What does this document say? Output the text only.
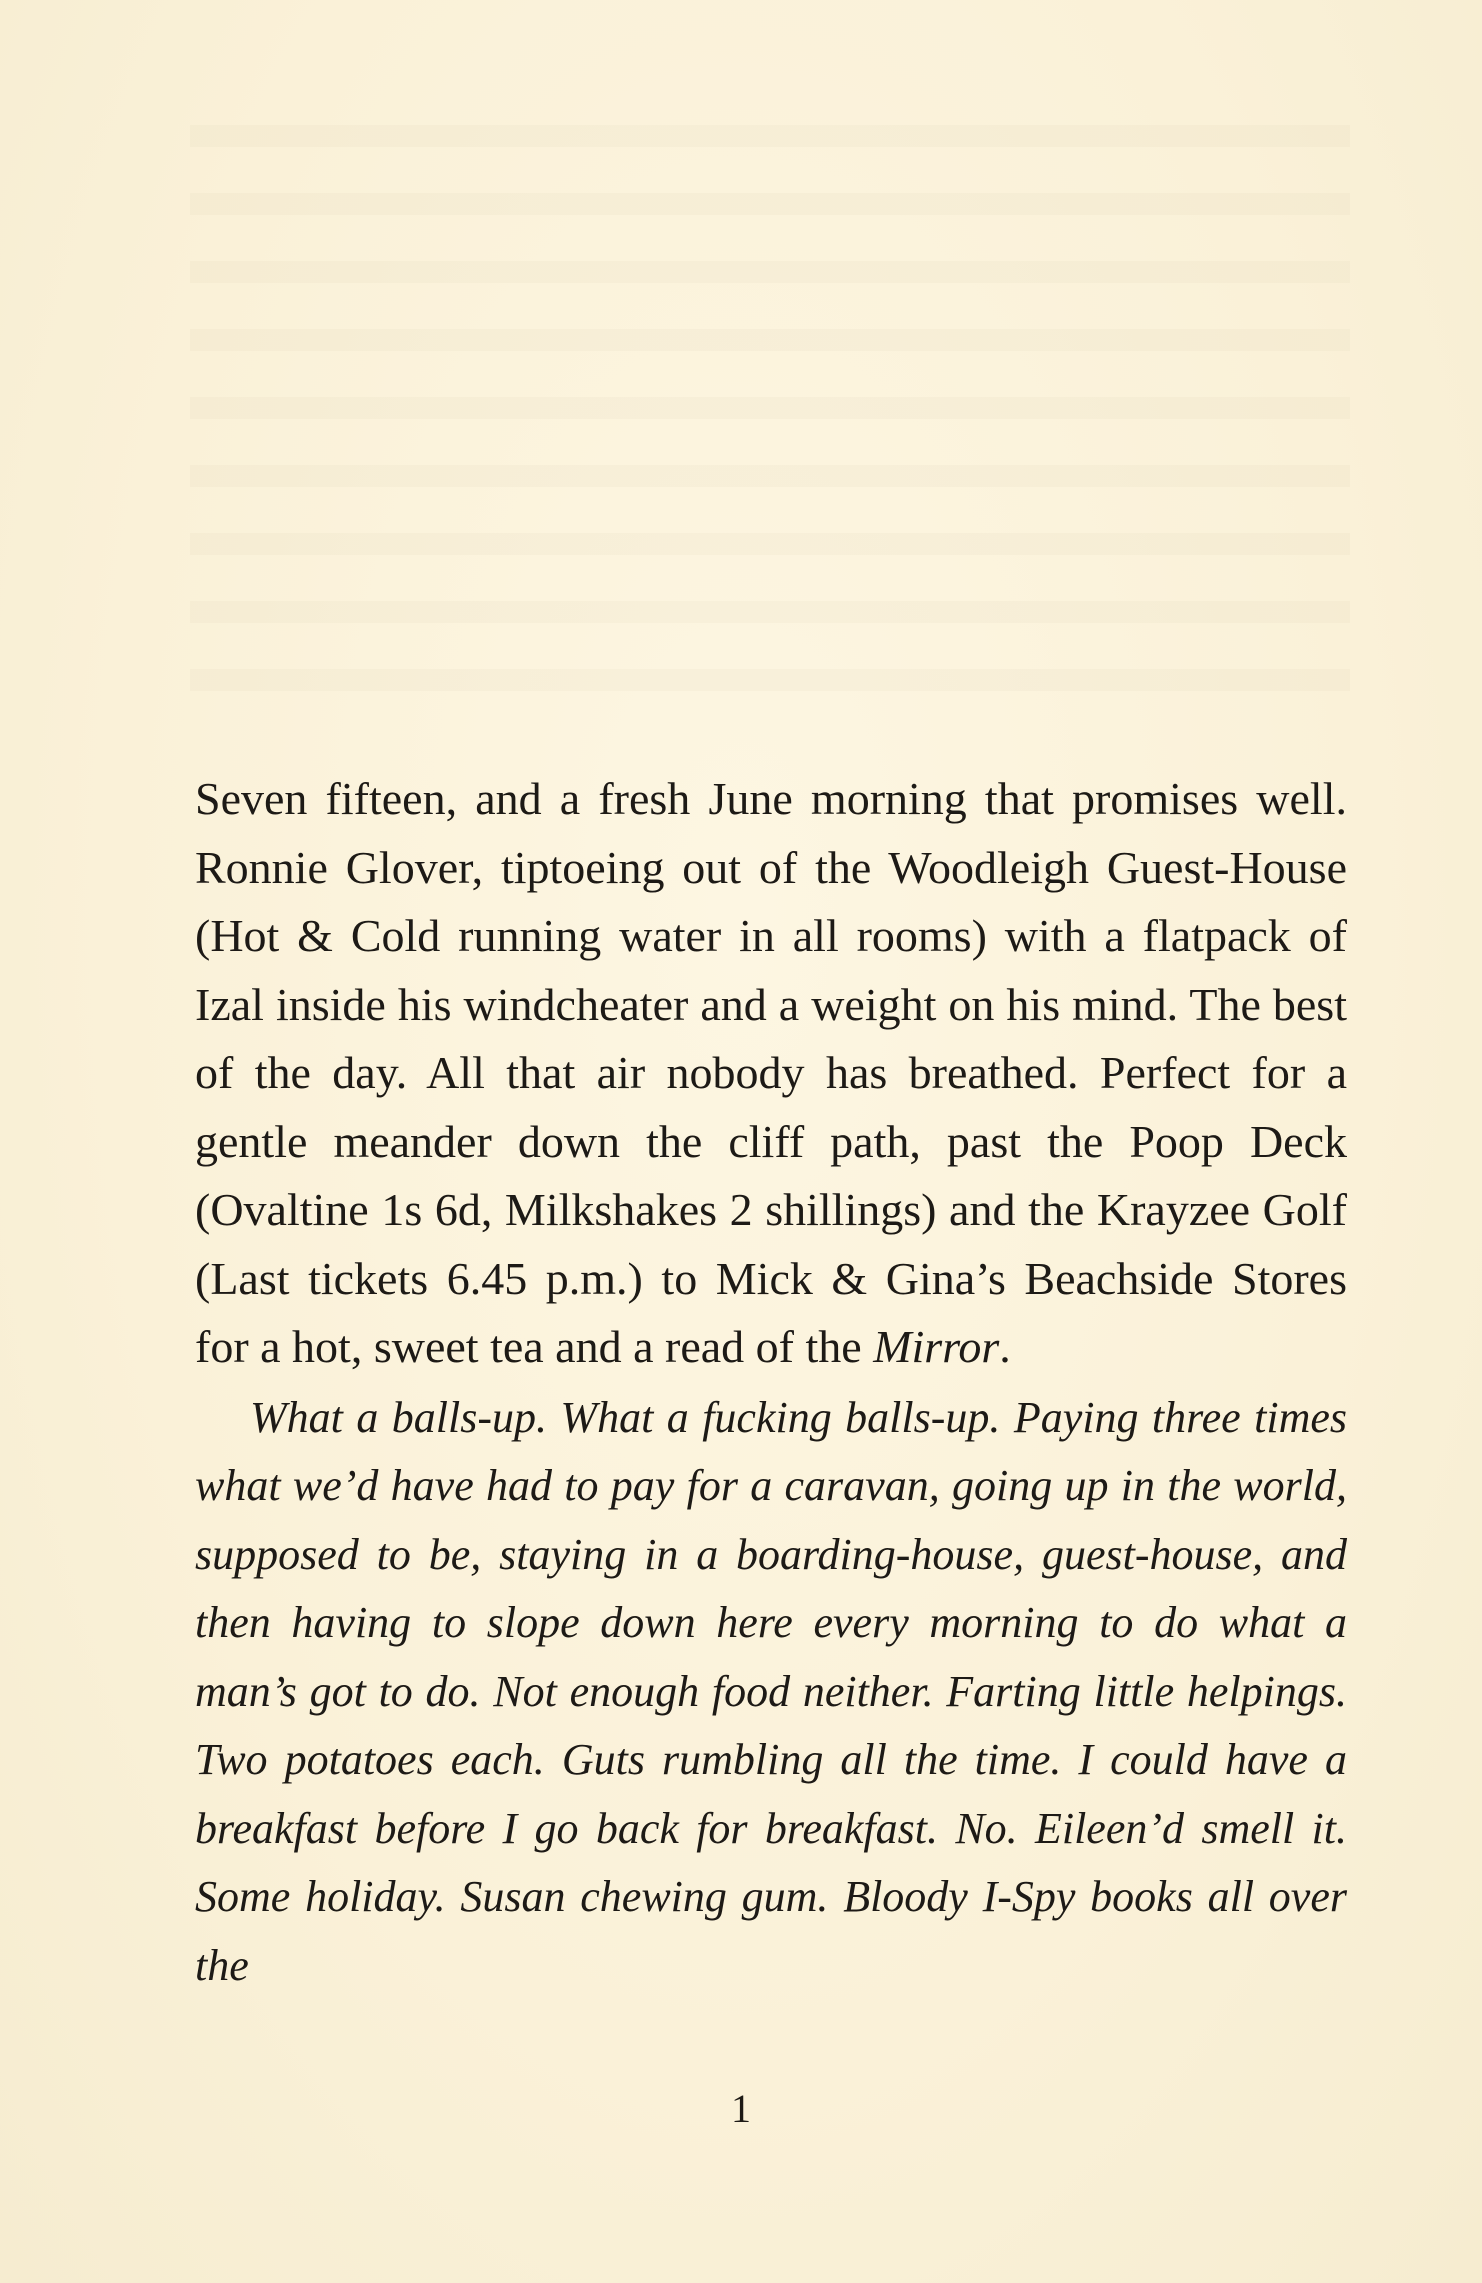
Seven fifteen, and a fresh June morning that promises well. Ronnie Glover, tiptoeing out of the Woodleigh Guest-House (Hot & Cold running water in all rooms) with a flatpack of Izal inside his windcheater and a weight on his mind. The best of the day. All that air nobody has breathed. Perfect for a gentle meander down the cliff path, past the Poop Deck (Ovaltine 1s 6d, Milkshakes 2 shillings) and the Krayzee Golf (Last tickets 6.45 p.m.) to Mick & Gina’s Beachside Stores for a hot, sweet tea and a read of the Mirror.

What a balls-up. What a fucking balls-up. Paying three times what we’d have had to pay for a caravan, going up in the world, supposed to be, staying in a boarding-house, guest-house, and then having to slope down here every morning to do what a man’s got to do. Not enough food neither. Farting little helpings. Two potatoes each. Guts rumbling all the time. I could have a breakfast before I go back for breakfast. No. Eileen’d smell it. Some holiday. Susan chewing gum. Bloody I-Spy books all over the

1
